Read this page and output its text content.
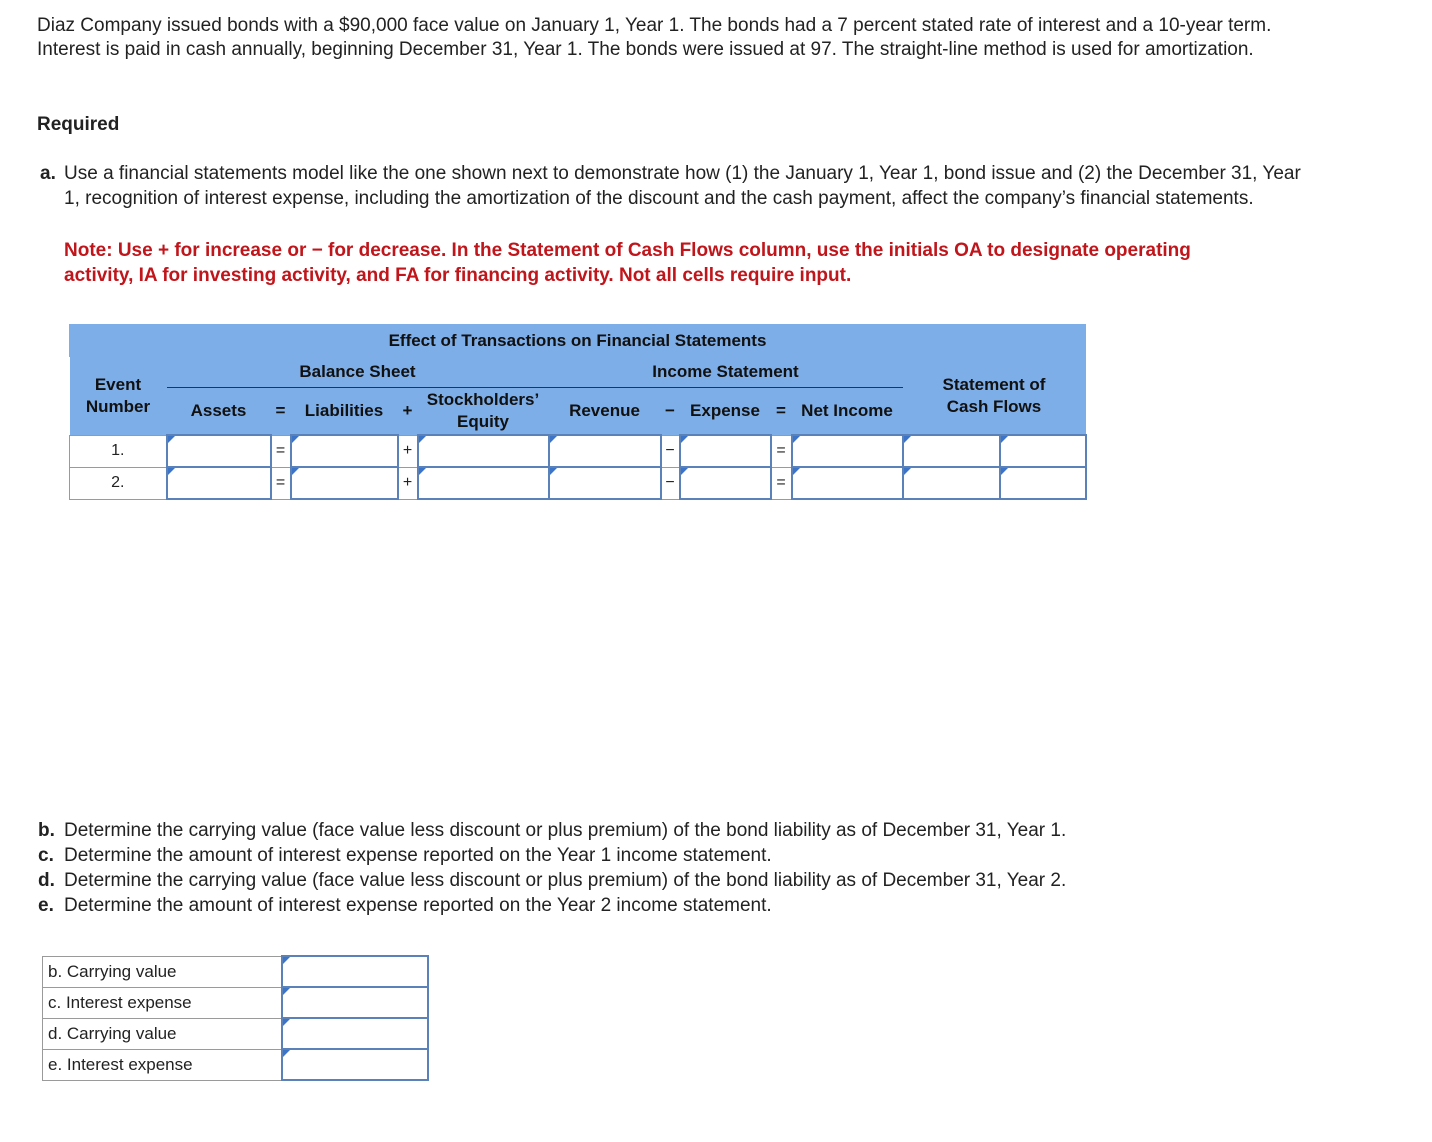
Diaz Company issued bonds with a $90,000 face value on January 1, Year 1. The bonds had a 7 percent stated rate of interest and a 10-year term. Interest is paid in cash annually, beginning December 31, Year 1. The bonds were issued at 97. The straight-line method is used for amortization.

Required

a. Use a financial statements model like the one shown next to demonstrate how (1) the January 1, Year 1, bond issue and (2) the December 31, Year 1, recognition of interest expense, including the amortization of the discount and the cash payment, affect the company’s financial statements.

Note: Use + for increase or − for decrease. In the Statement of Cash Flows column, use the initials OA to designate operating activity, IA for investing activity, and FA for financing activity. Not all cells require input.

Effect of Transactions on Financial Statements												
Event Number	Balance Sheet					Income Statement					Statement of Cash Flows	
	Assets	=	Liabilities	+	Stockholders’ Equity	Revenue	−	Expense	=	Net Income		
1.		=		+			−		=			
2.		=		+			−		=			
b. Determine the carrying value (face value less discount or plus premium) of the bond liability as of December 31, Year 1.
c. Determine the amount of interest expense reported on the Year 1 income statement.
d. Determine the carrying value (face value less discount or plus premium) of the bond liability as of December 31, Year 2.
e. Determine the amount of interest expense reported on the Year 2 income statement.
b. Carrying value	
c. Interest expense	
d. Carrying value	
e. Interest expense	
